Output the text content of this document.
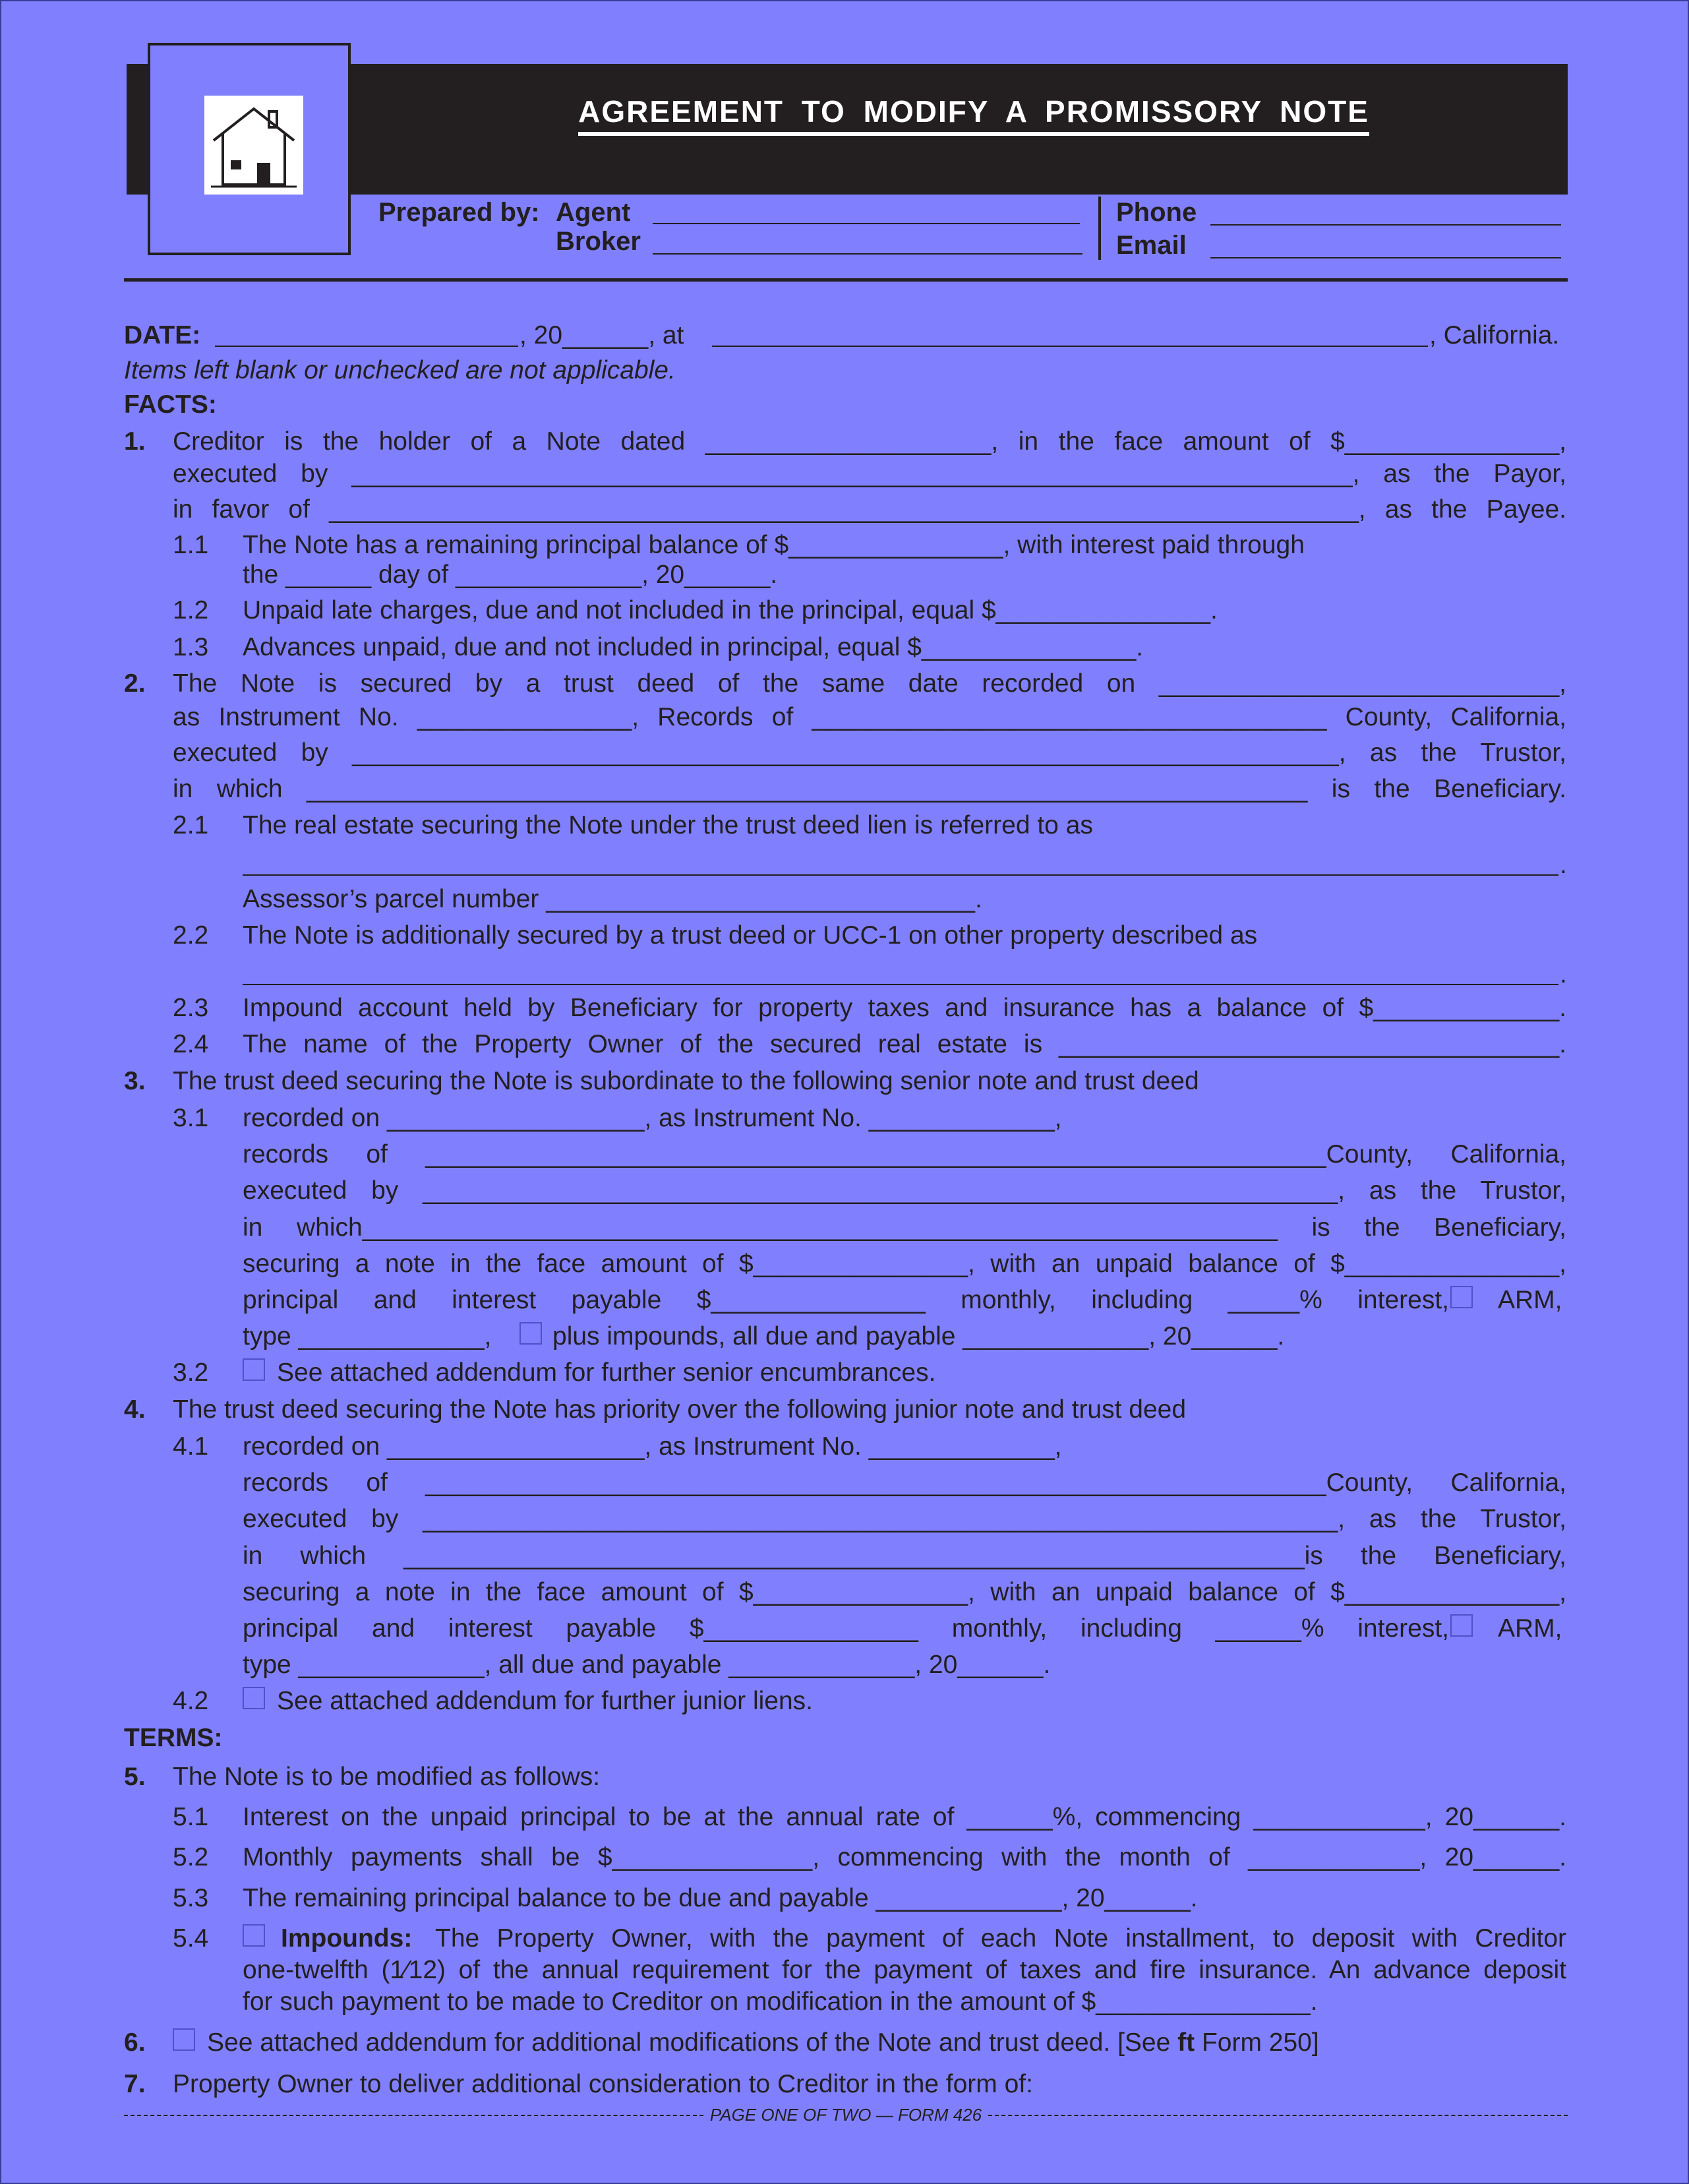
AGREEMENT TO MODIFY A PROMISSORY NOTE
Prepared by: Agent
Broker
Phone
Email
DATE:	, 20______, at	, California.
Items left blank or unchecked are not applicable.
FACTS:
1. Creditor is the holder of a Note dated ____________________, in the face amount of $_______________,
executed by ______________________________________________________________________, as the Payor,
in favor of ________________________________________________________________________, as the Payee.
1.1 The Note has a remaining principal balance of $_______________, with interest paid through
the ______ day of _____________, 20______.
1.2 Unpaid late charges, due and not included in the principal, equal $_______________.
1.3 Advances unpaid, due and not included in principal, equal $_______________.
2. The Note is secured by a trust deed of the same date recorded on ____________________________,
as Instrument No. _______________, Records of ____________________________________ County, California,
executed by _____________________________________________________________________, as the Trustor,
in which ______________________________________________________________________ is the Beneficiary.
2.1 The real estate securing the Note under the trust deed lien is referred to as
.
Assessor’s parcel number ______________________________.
2.2 The Note is additionally secured by a trust deed or UCC-1 on other property described as
.
2.3 Impound account held by Beneficiary for property taxes and insurance has a balance of $_____________.
2.4 The name of the Property Owner of the secured real estate is ___________________________________.
3. The trust deed securing the Note is subordinate to the following senior note and trust deed
3.1 recorded on __________________, as Instrument No. _____________,
records of _______________________________________________________________County, California,
executed by ________________________________________________________________, as the Trustor,
in which________________________________________________________________ is the Beneficiary,
securing a note in the face amount of $_______________, with an unpaid balance of $_______________,
principal and interest payable $_______________ monthly, including _____% interest, ARM,
type _____________, plus impounds, all due and payable _____________, 20______.
3.2	See attached addendum for further senior encumbrances.
4. The trust deed securing the Note has priority over the following junior note and trust deed
4.1 recorded on __________________, as Instrument No. _____________,
records of _______________________________________________________________County, California,
executed by ________________________________________________________________, as the Trustor,
in which _______________________________________________________________is the Beneficiary,
securing a note in the face amount of $_______________, with an unpaid balance of $_______________,
principal and interest payable $_______________ monthly, including ______% interest, ARM,
type _____________, all due and payable _____________, 20______.
4.2	See attached addendum for further junior liens.
TERMS:
5. The Note is to be modified as follows:
5.1 Interest on the unpaid principal to be at the annual rate of ______%, commencing ____________, 20______.
5.2 Monthly payments shall be $______________, commencing with the month of ____________, 20______.
5.3 The remaining principal balance to be due and payable _____________, 20______.
5.4	Impounds: The Property Owner, with the payment of each Note installment, to deposit with Creditor
one-twelfth (1⁄12) of the annual requirement for the payment of taxes and fire insurance. An advance deposit
for such payment to be made to Creditor on modification in the amount of $_______________.
6. See attached addendum for additional modifications of the Note and trust deed. [See ft Form 250]
7. Property Owner to deliver additional consideration to Creditor in the form of:
PAGE ONE OF TWO — FORM 426
